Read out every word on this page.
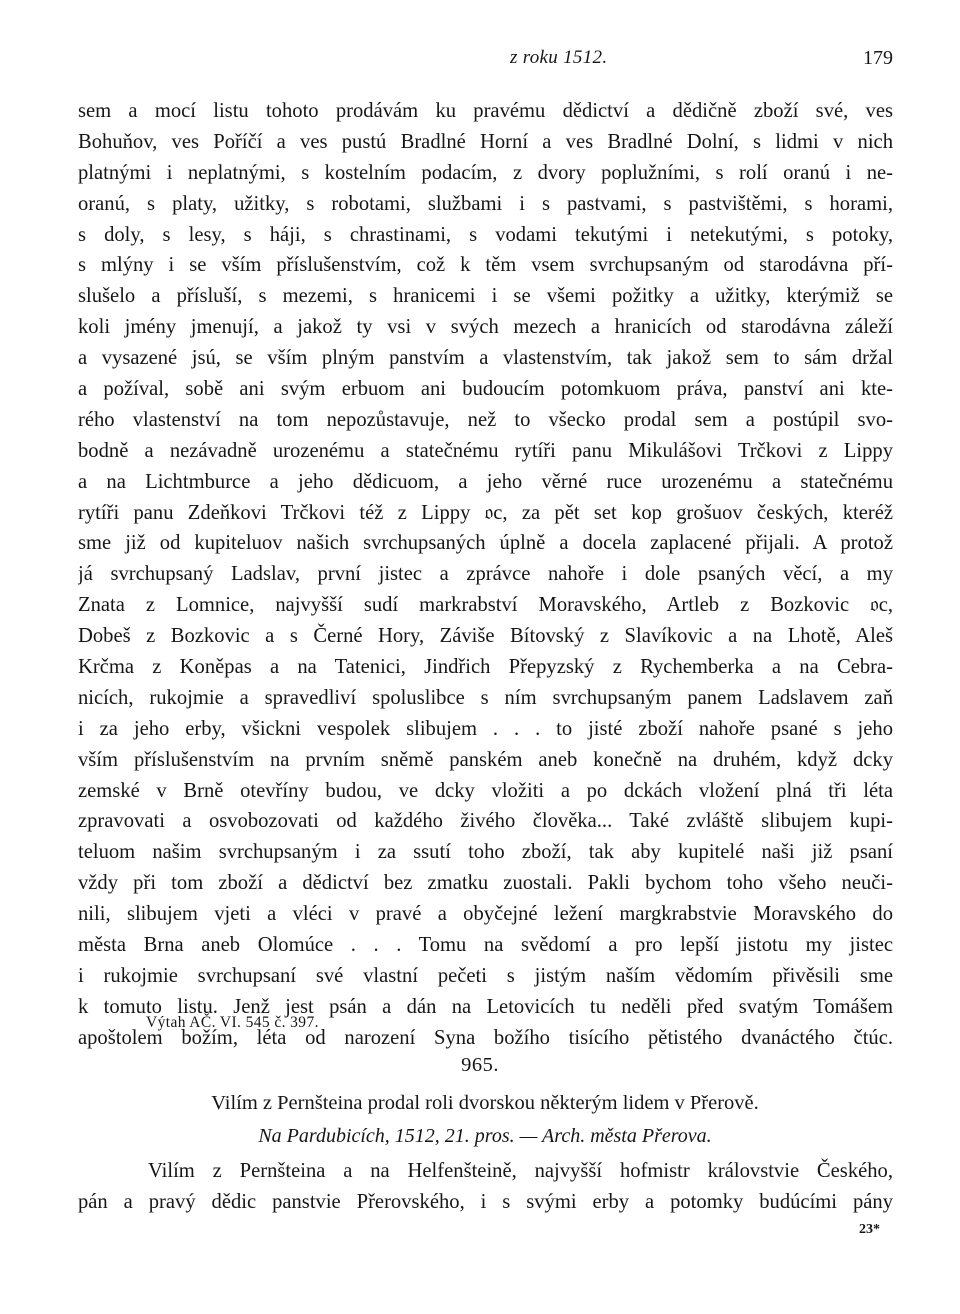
z roku 1512.	179
sem a mocí listu tohoto prodávám ku pravému dědictví a dědičně zboží své, ves
Bohuňov, ves Poříčí a ves pustú Bradlné Horní a ves Bradlné Dolní, s lidmi v nich
platnými i neplatnými, s kostelním podacím, z dvory poplužními, s rolí oranú i ne-
oranú, s platy, užitky, s robotami, službami i s pastvami, s pastvištěmi, s horami,
s doly, s lesy, s háji, s chrastinami, s vodami tekutými i netekutými, s potoky,
s mlýny i se vším příslušenstvím, což k těm vsem svrchupsaným od starodávna pří-
slušelo a přísluší, s mezemi, s hranicemi i se všemi požitky a užitky, kterýmiž se
koli jmény jmenují, a jakož ty vsi v svých mezech a hranicích od starodávna záleží
a vysazené jsú, se vším plným panstvím a vlastenstvím, tak jakož sem to sám držal
a požíval, sobě ani svým erbuom ani budoucím potomkuom práva, panství ani kte-
rého vlastenství na tom nepozůstavuje, než to všecko prodal sem a postúpil svo-
bodně a nezávadně urozenému a statečnému rytíři panu Mikulášovi Trčkovi z Lippy
a na Lichtmburce a jeho dědicuom, a jeho věrné ruce urozenému a statečnému
rytíři panu Zdeňkovi Trčkovi též z Lippy 𝔬c, za pět set kop grošuov českých, kteréž
sme již od kupiteluov našich svrchupsaných úplně a docela zaplacené přijali. A protož
já svrchupsaný Ladslav, první jistec a zprávce nahoře i dole psaných věcí, a my
Znata z Lomnice, najvyšší sudí markrabství Moravského, Artleb z Bozkovic 𝔬c,
Dobeš z Bozkovic a s Černé Hory, Záviše Bítovský z Slavíkovic a na Lhotě, Aleš
Krčma z Koněpas a na Tatenici, Jindřich Přepyzský z Rychemberka a na Cebra-
nicích, rukojmie a spravedliví spoluslibce s ním svrchupsaným panem Ladslavem zaň
i za jeho erby, všickni vespolek slibujem . . . to jisté zboží nahoře psané s jeho
vším příslušenstvím na prvním sněmě panském aneb konečně na druhém, když dcky
zemské v Brně otevříny budou, ve dcky vložiti a po dckách vložení plná tři léta
zpravovati a osvobozovati od každého živého člověka... Také zvláště slibujem kupi-
teluom našim svrchupsaným i za ssutí toho zboží, tak aby kupitelé naši již psaní
vždy při tom zboží a dědictví bez zmatku zuostali. Pakli bychom toho všeho neuči-
nili, slibujem vjeti a vléci v pravé a obyčejné ležení margkrabstvie Moravského do
města Brna aneb Olomúce . . . Tomu na svědomí a pro lepší jistotu my jistec
i rukojmie svrchupsaní své vlastní pečeti s jistým naším vědomím přivěsili sme
k tomuto listu. Jenž jest psán a dán na Letovicích tu neděli před svatým Tomášem
apoštolem božím, léta od narození Syna božího tisícího pětistého dvanáctého čtúc.
Výtah AČ. VI. 545 č. 397.
965.
Vilím z Pernšteina prodal roli dvorskou některým lidem v Přerově.
Na Pardubicích, 1512, 21. pros. — Arch. města Přerova.
Vilím z Pernšteina a na Helfenšteině, najvyšší hofmistr královstvie Českého,
pán a pravý dědic panstvie Přerovského, i s svými erby a potomky budúcími pány
23*
